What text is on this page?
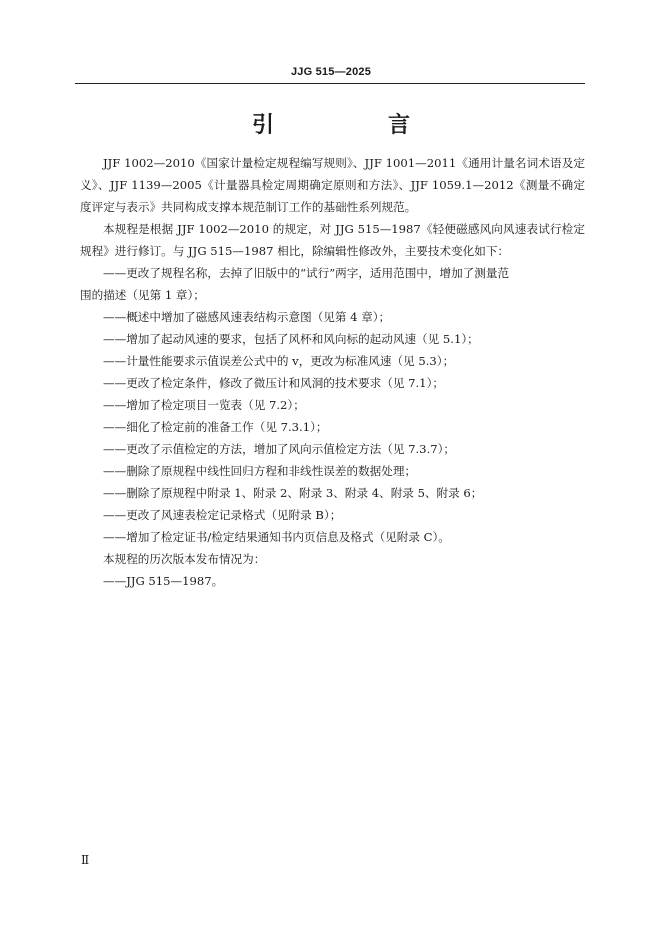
JJG 515—2025
引　言

JJF 1002—2010《国家计量检定规程编写规则》、JJF 1001—2011《通用计量名词术语及定义》、JJF 1139—2005《计量器具检定周期确定原则和方法》、JJF 1059.1—2012《测量不确定度评定与表示》共同构成支撑本规范制订工作的基础性系列规范。

本规程是根据 JJF 1002—2010 的规定，对 JJG 515—1987《轻便磁感风向风速表试行检定规程》进行修订。与 JJG 515—1987 相比，除编辑性修改外，主要技术变化如下：

——更改了规程名称，去掉了旧版中的“试行”两字，适用范围中，增加了测量范
围的描述（见第 1 章）；

——概述中增加了磁感风速表结构示意图（见第 4 章）；

——增加了起动风速的要求，包括了风杯和风向标的起动风速（见 5.1）；

——计量性能要求示值误差公式中的 v，更改为标准风速（见 5.3）；

——更改了检定条件，修改了微压计和风洞的技术要求（见 7.1）；

——增加了检定项目一览表（见 7.2）；

——细化了检定前的准备工作（见 7.3.1）；

——更改了示值检定的方法，增加了风向示值检定方法（见 7.3.7）；

——删除了原规程中线性回归方程和非线性误差的数据处理；

——删除了原规程中附录 1、附录 2、附录 3、附录 4、附录 5、附录 6；

——更改了风速表检定记录格式（见附录 B）；

——增加了检定证书/检定结果通知书内页信息及格式（见附录 C）。

本规程的历次版本发布情况为：

——JJG 515—1987。

Ⅱ
